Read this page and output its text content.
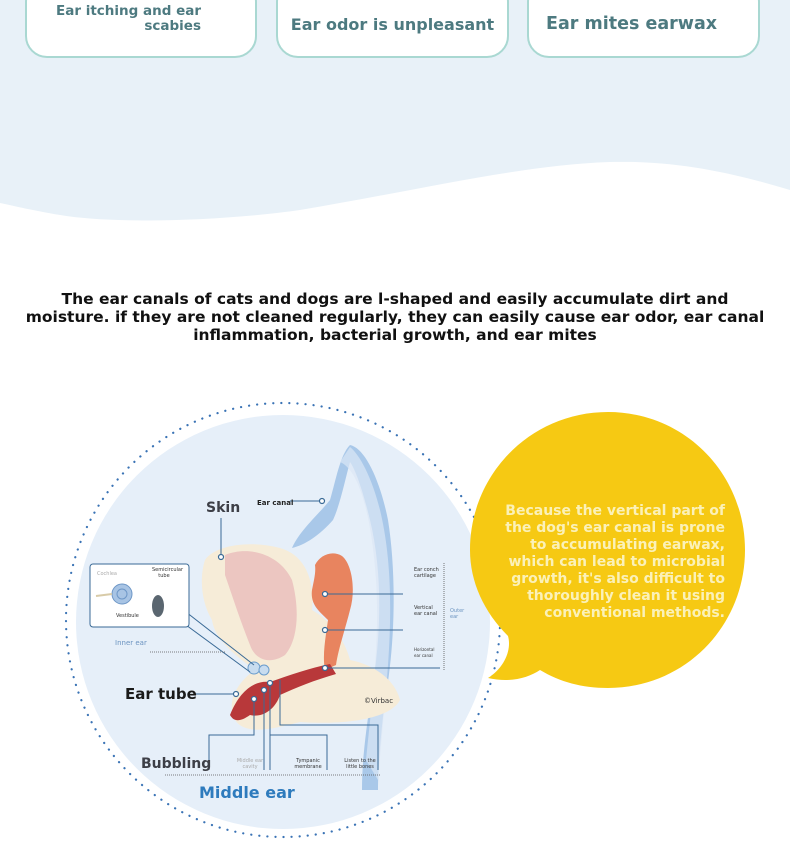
Ear itching and ear scabies	Ear odor is unpleasant	Ear mites earwax
The ear canals of cats and dogs are l-shaped and easily accumulate dirt and moisture. if they are not cleaned regularly, they can easily cause ear odor, ear canal inflammation, bacterial growth, and ear mites
Skin Ear canal
Ear tube
Bubbling
Middle ear
Inner ear
Cochlea
Semicircular tube
Vestibule
Ear conch cartilage
Vertical ear canal
Horizontal ear canal
Outer ear
Middle ear cavity
Tympanic membrane
Listen to the little bones
©Virbac
Because the vertical part of the dog's ear canal is prone to accumulating earwax, which can lead to microbial growth, it's also difficult to thoroughly clean it using conventional methods.
